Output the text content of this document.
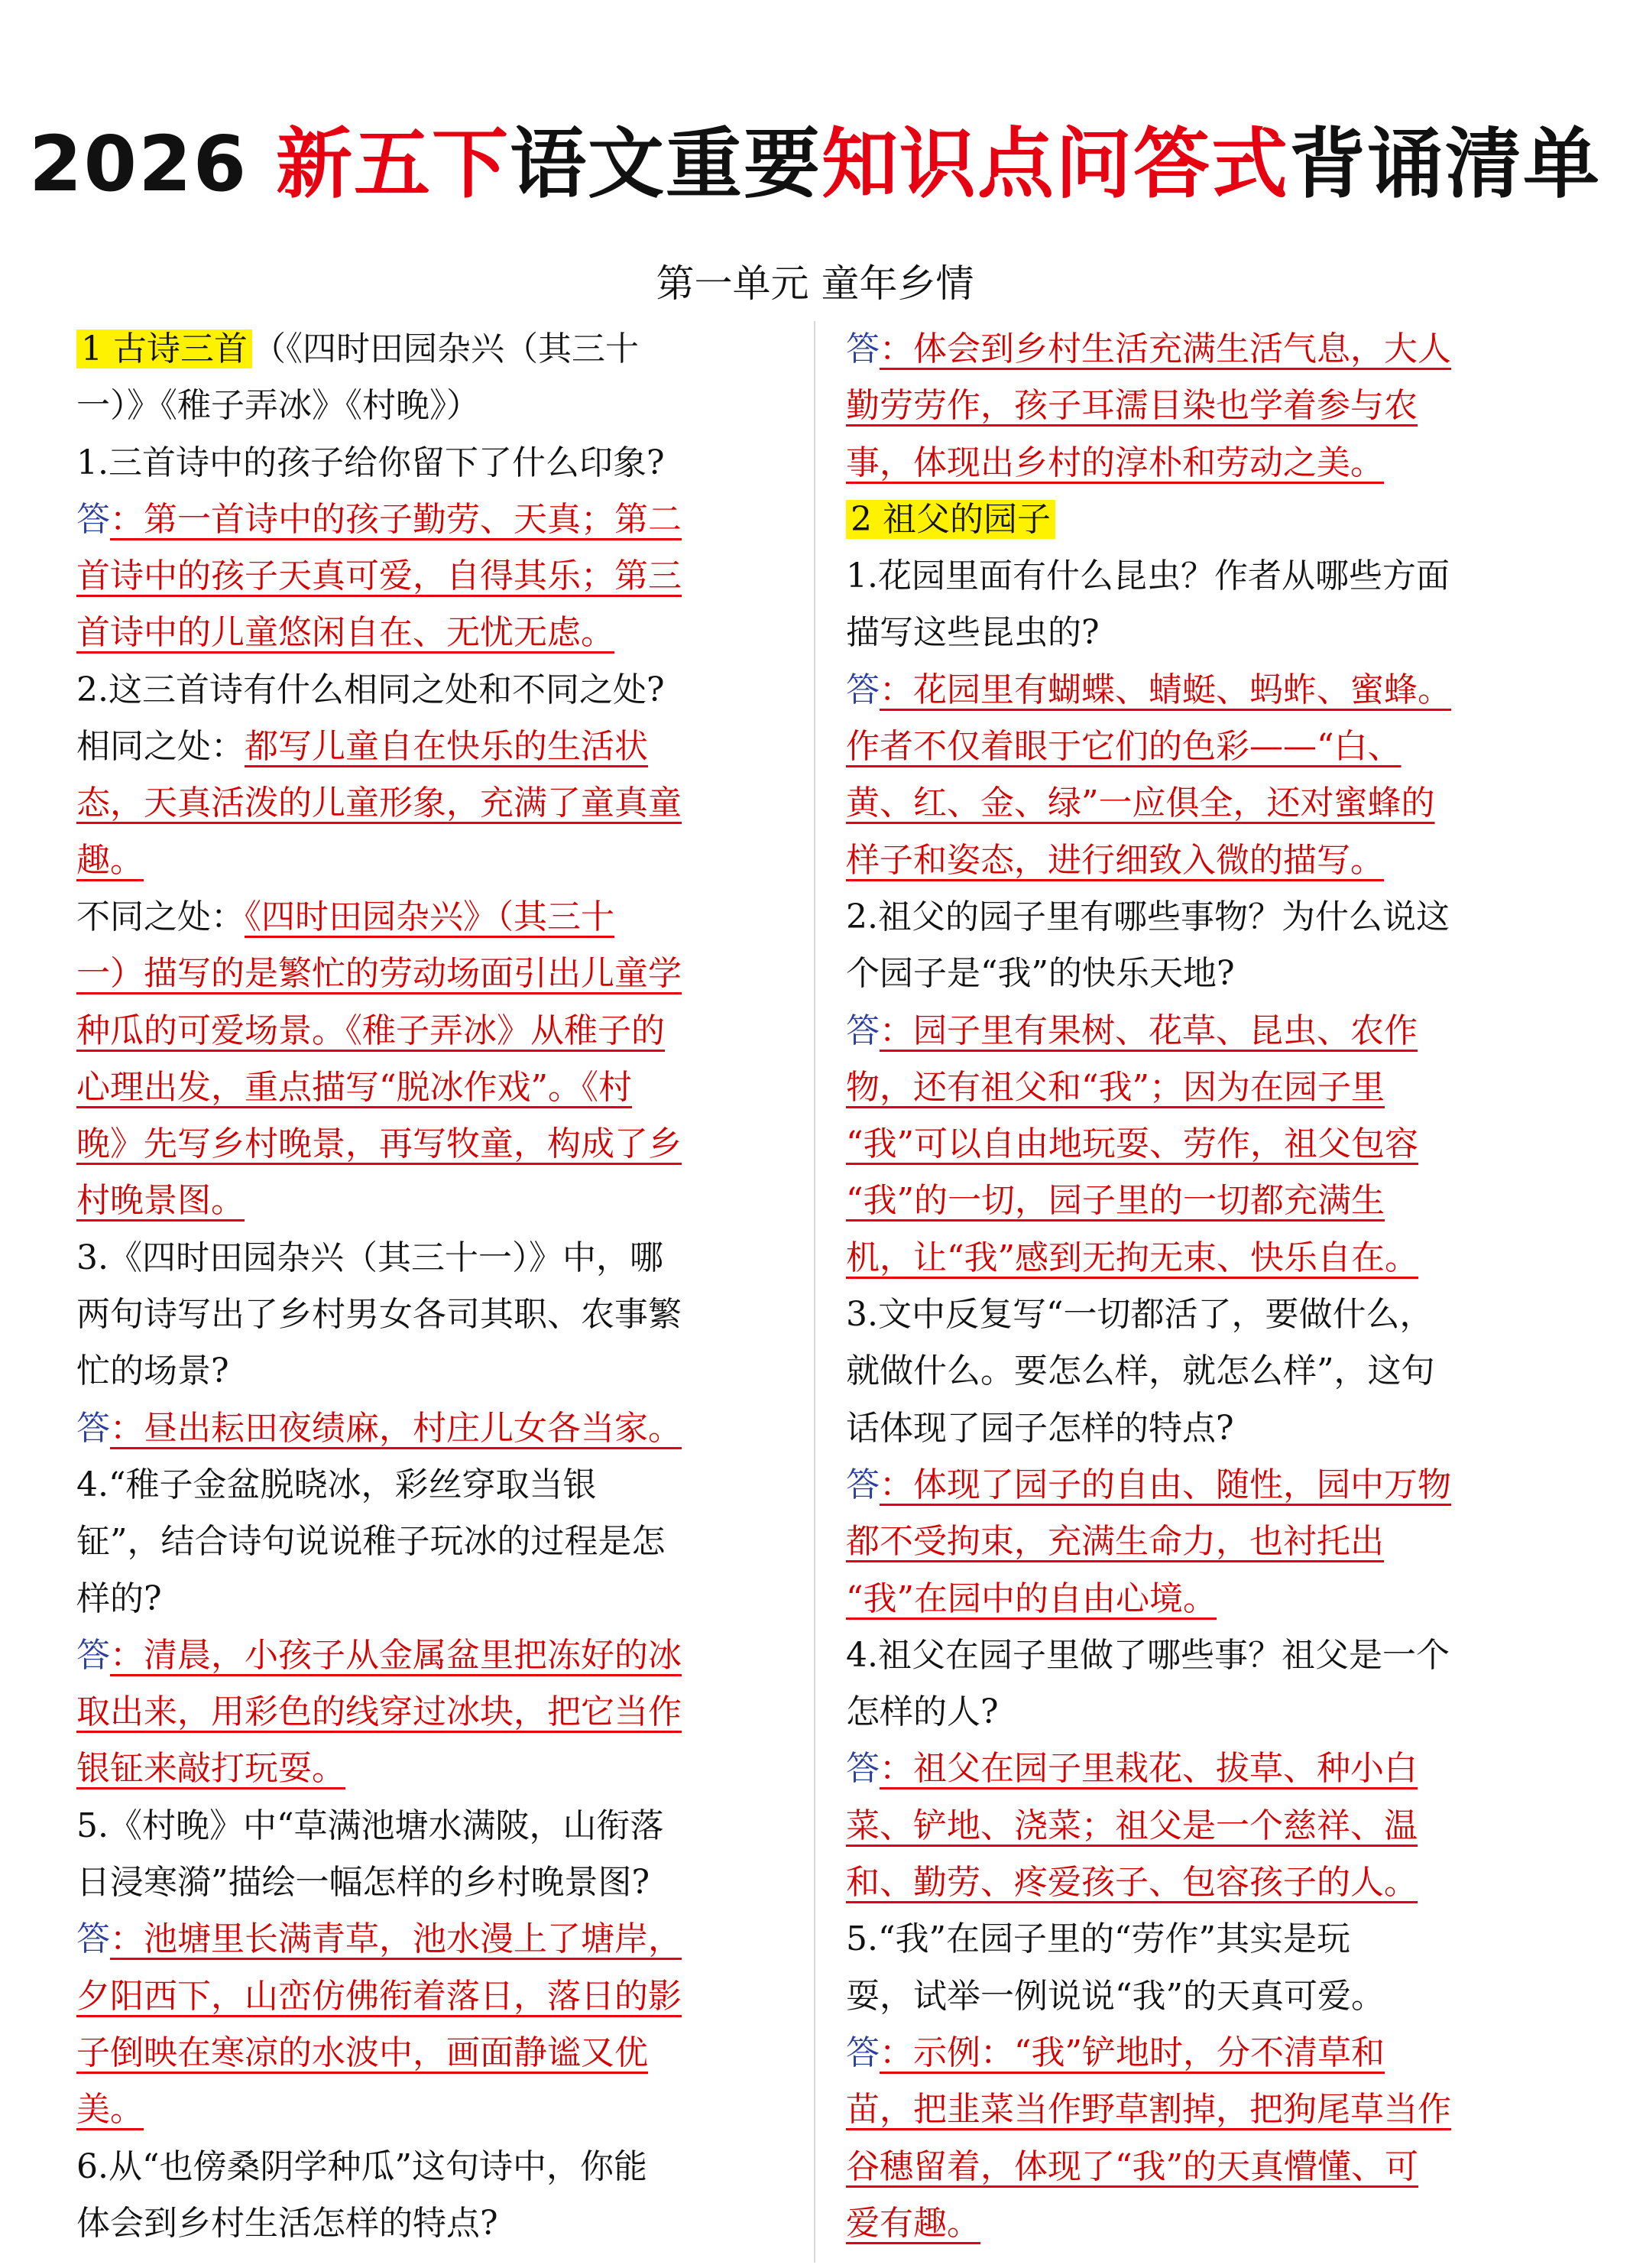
2026 新五下语文重要知识点问答式背诵清单
第一单元 童年乡情
1 古诗三首 （《四时田园杂兴（其三十
一）》《稚子弄冰》《村晚》）
1.三首诗中的孩子给你留下了什么印象?
答：第一首诗中的孩子勤劳、天真；第二
首诗中的孩子天真可爱，自得其乐；第三
首诗中的儿童悠闲自在、无忧无虑。
2.这三首诗有什么相同之处和不同之处?
相同之处：都写儿童自在快乐的生活状
态，天真活泼的儿童形象，充满了童真童
趣。
不同之处：《四时田园杂兴》（其三十
一）描写的是繁忙的劳动场面引出儿童学
种瓜的可爱场景。《稚子弄冰》从稚子的
心理出发，重点描写“脱冰作戏”。《村
晚》先写乡村晚景，再写牧童，构成了乡
村晚景图。
3.《四时田园杂兴（其三十一）》中，哪
两句诗写出了乡村男女各司其职、农事繁
忙的场景?
答：昼出耘田夜绩麻，村庄儿女各当家。
4.“稚子金盆脱晓冰，彩丝穿取当银
钲”，结合诗句说说稚子玩冰的过程是怎
样的?
答：清晨，小孩子从金属盆里把冻好的冰
取出来，用彩色的线穿过冰块，把它当作
银钲来敲打玩耍。
5.《村晚》中“草满池塘水满陂，山衔落
日浸寒漪”描绘一幅怎样的乡村晚景图?
答：池塘里长满青草，池水漫上了塘岸，
夕阳西下，山峦仿佛衔着落日，落日的影
子倒映在寒凉的水波中，画面静谧又优
美。
6.从“也傍桑阴学种瓜”这句诗中，你能
体会到乡村生活怎样的特点?
答：体会到乡村生活充满生活气息，大人
勤劳劳作，孩子耳濡目染也学着参与农
事，体现出乡村的淳朴和劳动之美。
2 祖父的园子
1.花园里面有什么昆虫？作者从哪些方面
描写这些昆虫的?
答：花园里有蝴蝶、蜻蜓、蚂蚱、蜜蜂。
作者不仅着眼于它们的色彩——“白、
黄、红、金、绿”一应俱全，还对蜜蜂的
样子和姿态，进行细致入微的描写。
2.祖父的园子里有哪些事物？为什么说这
个园子是“我”的快乐天地?
答：园子里有果树、花草、昆虫、农作
物，还有祖父和“我”；因为在园子里
“我”可以自由地玩耍、劳作，祖父包容
“我”的一切，园子里的一切都充满生
机，让“我”感到无拘无束、快乐自在。
3.文中反复写“一切都活了，要做什么，
就做什么。要怎么样，就怎么样”，这句
话体现了园子怎样的特点?
答：体现了园子的自由、随性，园中万物
都不受拘束，充满生命力，也衬托出
“我”在园中的自由心境。
4.祖父在园子里做了哪些事？祖父是一个
怎样的人?
答：祖父在园子里栽花、拔草、种小白
菜、铲地、浇菜；祖父是一个慈祥、温
和、勤劳、疼爱孩子、包容孩子的人。
5.“我”在园子里的“劳作”其实是玩
耍，试举一例说说“我”的天真可爱。
答：示例：“我”铲地时，分不清草和
苗，把韭菜当作野草割掉，把狗尾草当作
谷穗留着，体现了“我”的天真懵懂、可
爱有趣。
